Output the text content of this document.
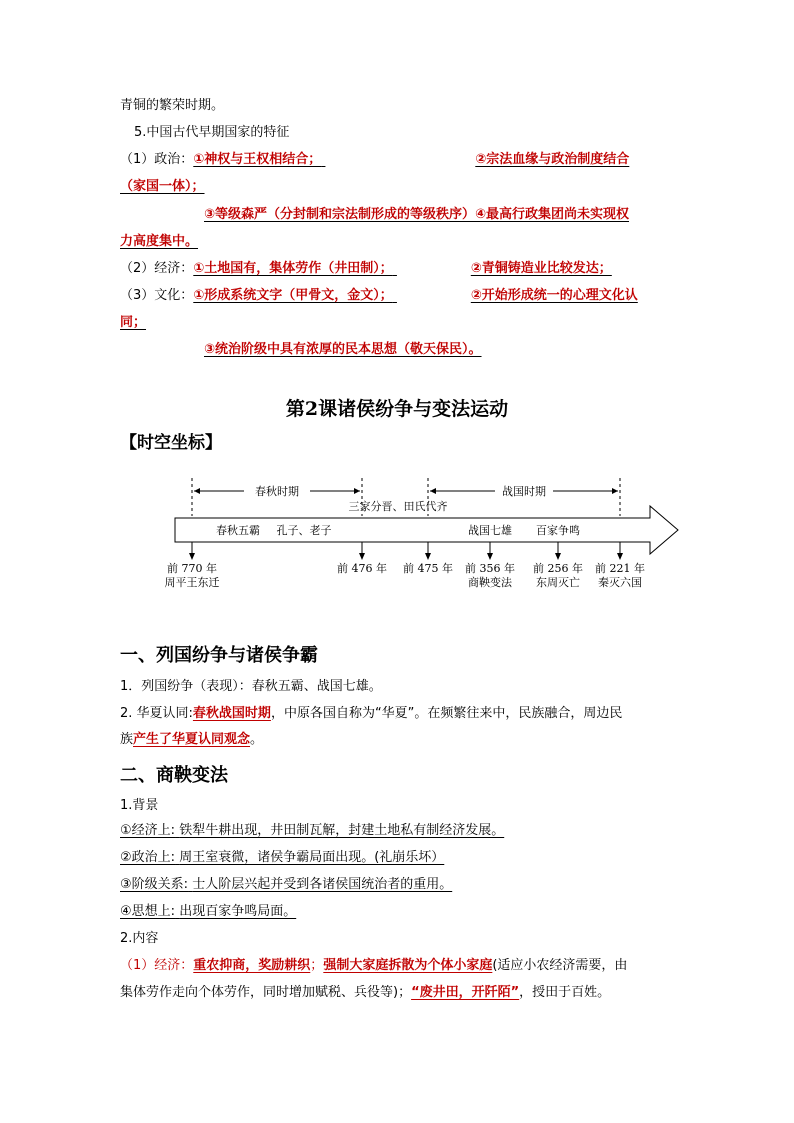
青铜的繁荣时期。
5.中国古代早期国家的特征
（1）政治：①神权与王权相结合；	②宗法血缘与政治制度结合
（家国一体）；
③等级森严（分封制和宗法制形成的等级秩序）④最高行政集团尚未实现权
力高度集中。
（2）经济：①土地国有，集体劳作（井田制）；	②青铜铸造业比较发达；
（3）文化：①形成系统文字（甲骨文，金文）；	②开始形成统一的心理文化认
同；
③统治阶级中具有浓厚的民本思想（敬天保民）。
第2课诸侯纷争与变法运动
【时空坐标】
春秋时期	战国时期
三家分晋、田氏代齐
春秋五霸 孔子、老子	战国七雄 百家争鸣
前 770 年
周平王东迁
前 476 年 前 475 年 前 356 年
商鞅变法
前 256 年
东周灭亡
前 221 年
秦灭六国
一、列国纷争与诸侯争霸
1．列国纷争（表现）：春秋五霸、战国七雄。
2. 华夏认同:春秋战国时期，中原各国自称为“华夏”。在频繁往来中，民族融合，周边民
族产生了华夏认同观念。
二、商鞅变法
1.背景
①经济上: 铁犁牛耕出现，井田制瓦解，封建土地私有制经济发展。
②政治上: 周王室衰微，诸侯争霸局面出现。(礼崩乐坏）
③阶级关系: 士人阶层兴起并受到各诸侯国统治者的重用。
④思想上: 出现百家争鸣局面。
2.内容
（1）经济：重农抑商，奖励耕织；强制大家庭拆散为个体小家庭(适应小农经济需要，由
集体劳作走向个体劳作，同时增加赋税、兵役等)；“废井田，开阡陌”，授田于百姓。
